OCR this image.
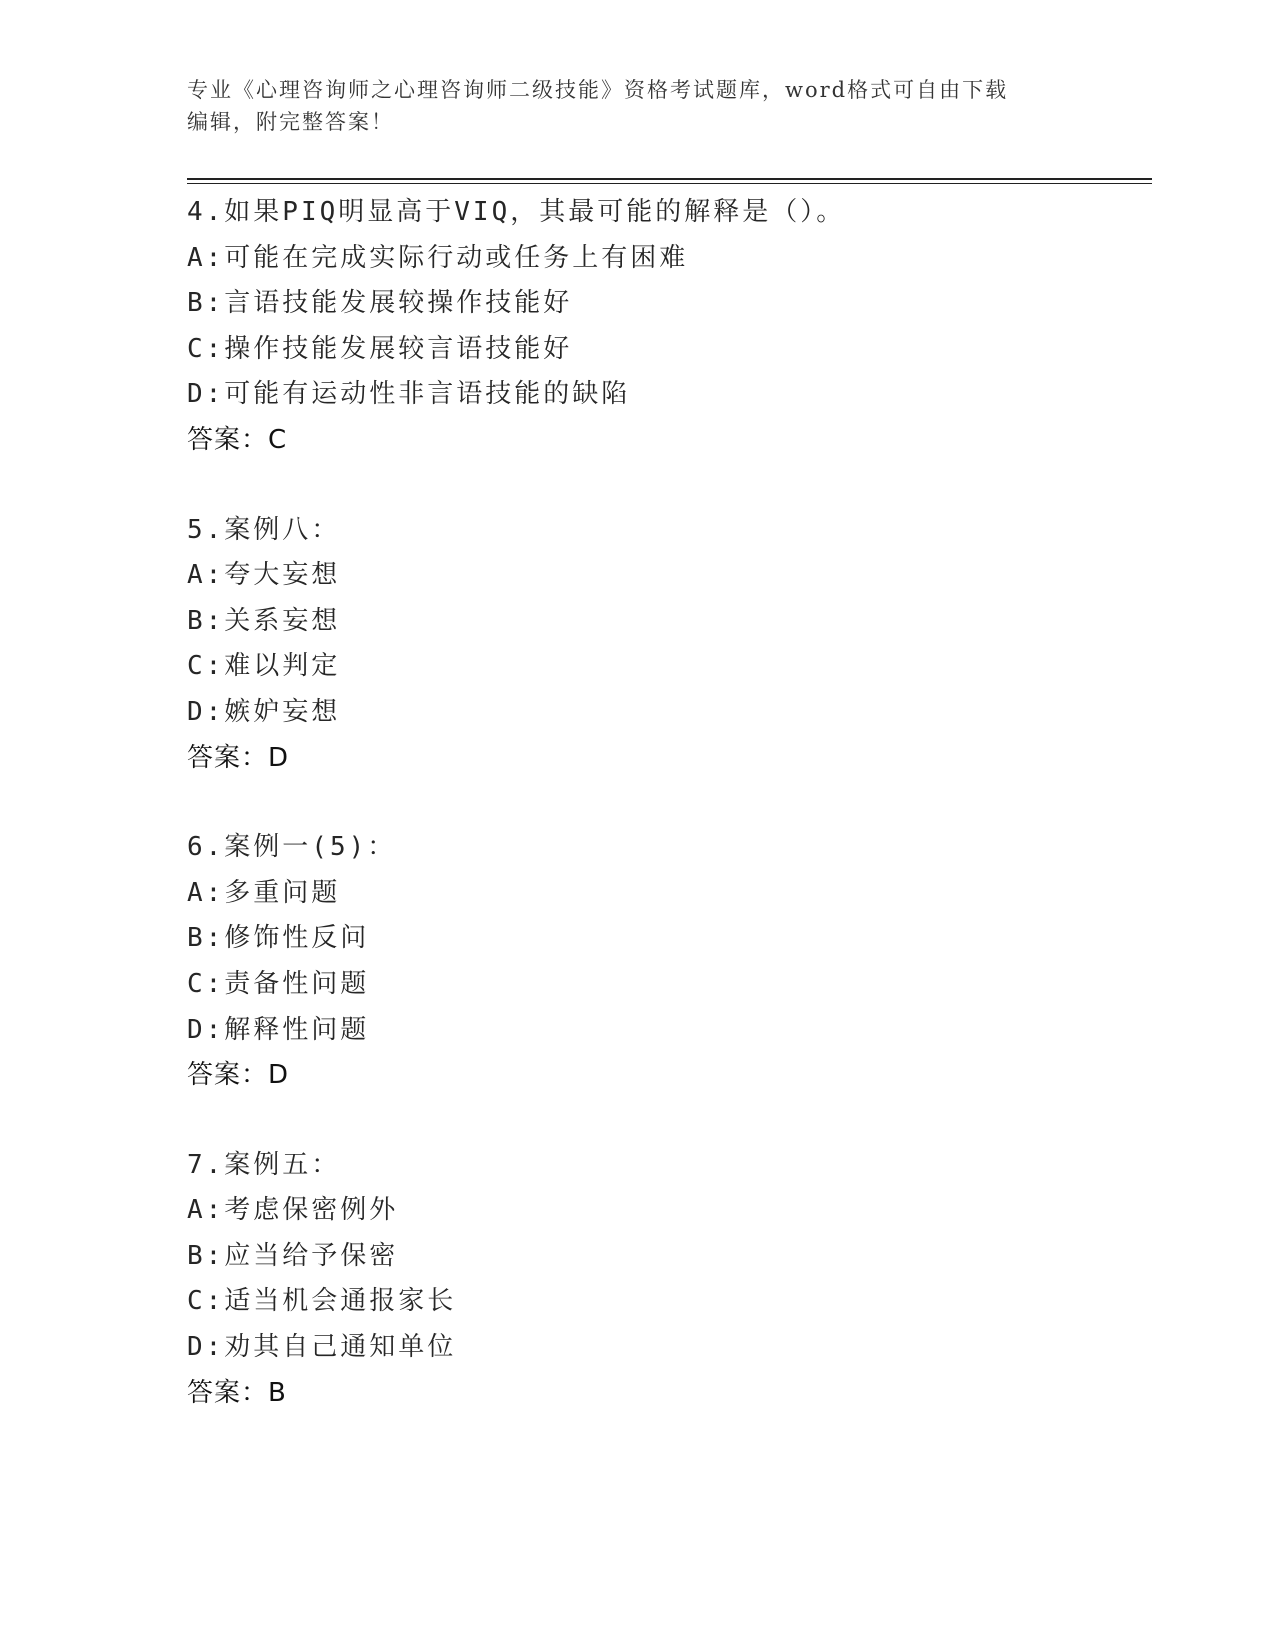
专业《心理咨询师之心理咨询师二级技能》资格考试题库，word格式可自由下载
编辑，附完整答案！
4.如果PIQ明显高于VIQ，其最可能的解释是（）。
A:可能在完成实际行动或任务上有困难
B:言语技能发展较操作技能好
C:操作技能发展较言语技能好
D:可能有运动性非言语技能的缺陷
答案：C
5.案例八：
A:夸大妄想
B:关系妄想
C:难以判定
D:嫉妒妄想
答案：D
6.案例一(5)：
A:多重问题
B:修饰性反问
C:责备性问题
D:解释性问题
答案：D
7.案例五：
A:考虑保密例外
B:应当给予保密
C:适当机会通报家长
D:劝其自己通知单位
答案：B
